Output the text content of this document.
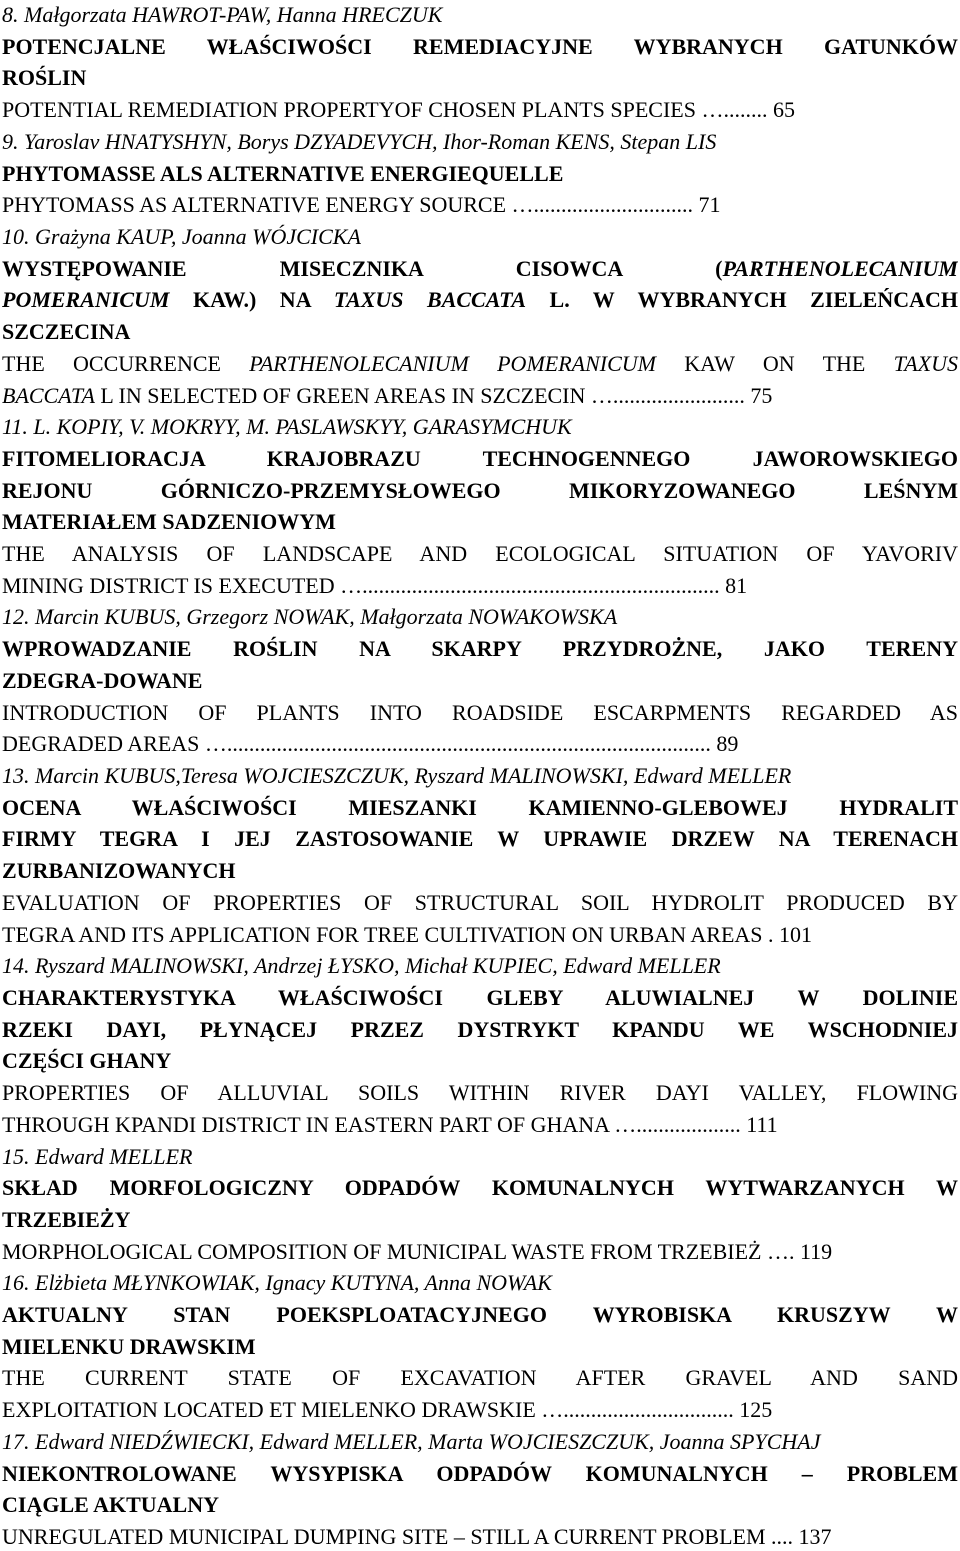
8. Małgorzata HAWROT-PAW, Hanna HRECZUK
POTENCJALNE WŁAŚCIWOŚCI REMEDIACYJNE WYBRANYCH GATUNKÓW
ROŚLIN
POTENTIAL REMEDIATION PROPERTYOF CHOSEN PLANTS SPECIES …........ 65
9. Yaroslav HNATYSHYN, Borys DZYADEVYCH, Ihor-Roman KENS, Stepan LIS
PHYTOMASSE ALS ALTERNATIVE ENERGIEQUELLE
PHYTOMASS AS ALTERNATIVE ENERGY SOURCE …............................. 71
10. Grażyna KAUP, Joanna WÓJCICKA
WYSTĘPOWANIE MISECZNIKA CISOWCA (PARTHENOLECANIUM
POMERANICUM KAW.) NA TAXUS BACCATA L. W WYBRANYCH ZIELEŃCACH
SZCZECINA
THE OCCURRENCE PARTHENOLECANIUM POMERANICUM KAW ON THE TAXUS
BACCATA L IN SELECTED OF GREEN AREAS IN SZCZECIN …........................ 75
11. L. KOPIY, V. MOKRYY, M. PASLAWSKYY, GARASYMCHUK
FITOMELIORACJA KRAJOBRAZU TECHNOGENNEGO JAWOROWSKIEGO
REJONU GÓRNICZO-PRZEMYSŁOWEGO MIKORYZOWANEGO LEŚNYM
MATERIAŁEM SADZENIOWYM
THE ANALYSIS OF LANDSCAPE AND ECOLOGICAL SITUATION OF YAVORIV
MINING DISTRICT IS EXECUTED …................................................................. 81
12. Marcin KUBUS, Grzegorz NOWAK, Małgorzata NOWAKOWSKA
WPROWADZANIE ROŚLIN NA SKARPY PRZYDROŻNE, JAKO TERENY
ZDEGRA-DOWANE
INTRODUCTION OF PLANTS INTO ROADSIDE ESCARPMENTS REGARDED AS
DEGRADED AREAS …........................................................................................ 89
13. Marcin KUBUS,Teresa WOJCIESZCZUK, Ryszard MALINOWSKI, Edward MELLER
OCENA WŁAŚCIWOŚCI MIESZANKI KAMIENNO-GLEBOWEJ HYDRALIT
FIRMY TEGRA I JEJ ZASTOSOWANIE W UPRAWIE DRZEW NA TERENACH
ZURBANIZOWANYCH
EVALUATION OF PROPERTIES OF STRUCTURAL SOIL HYDROLIT PRODUCED BY
TEGRA AND ITS APPLICATION FOR TREE CULTIVATION ON URBAN AREAS . 101
14. Ryszard MALINOWSKI, Andrzej ŁYSKO, Michał KUPIEC, Edward MELLER
CHARAKTERYSTYKA WŁAŚCIWOŚCI GLEBY ALUWIALNEJ W DOLINIE
RZEKI DAYI, PŁYNĄCEJ PRZEZ DYSTRYKT KPANDU WE WSCHODNIEJ
CZĘŚCI GHANY
PROPERTIES OF ALLUVIAL SOILS WITHIN RIVER DAYI VALLEY, FLOWING
THROUGH KPANDI DISTRICT IN EASTERN PART OF GHANA …................... 111
15. Edward MELLER
SKŁAD MORFOLOGICZNY ODPADÓW KOMUNALNYCH WYTWARZANYCH W
TRZEBIEŻY
MORPHOLOGICAL COMPOSITION OF MUNICIPAL WASTE FROM TRZEBIEŻ …. 119
16. Elżbieta MŁYNKOWIAK, Ignacy KUTYNA, Anna NOWAK
AKTUALNY STAN POEKSPLOATACYJNEGO WYROBISKA KRUSZYW W
MIELENKU DRAWSKIM
THE CURRENT STATE OF EXCAVATION AFTER GRAVEL AND SAND
EXPLOITATION LOCATED ET MIELENKO DRAWSKIE …............................... 125
17. Edward NIEDŹWIECKI, Edward MELLER, Marta WOJCIESZCZUK, Joanna SPYCHAJ
NIEKONTROLOWANE WYSYPISKA ODPADÓW KOMUNALNYCH – PROBLEM
CIĄGLE AKTUALNY
UNREGULATED MUNICIPAL DUMPING SITE – STILL A CURRENT PROBLEM .... 137
